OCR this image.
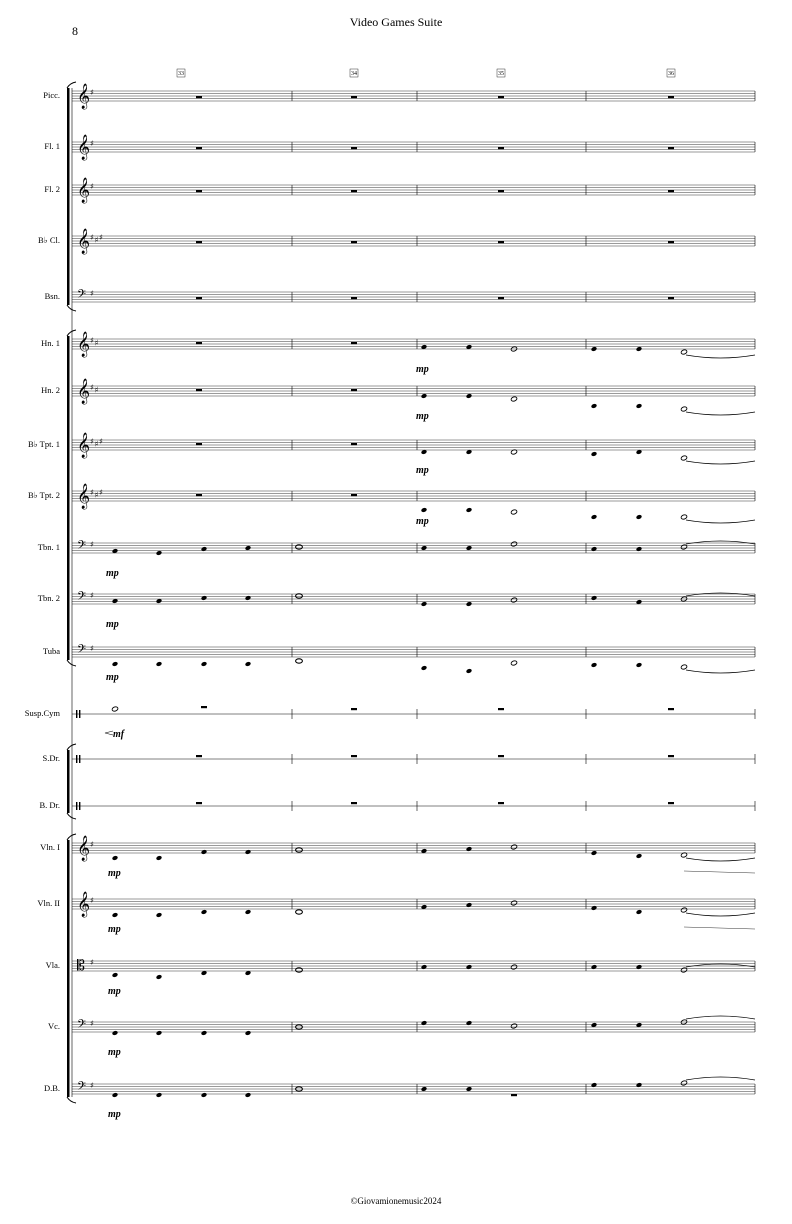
8
Video Games Suite
Picc. 𝄞 ♯
Fl. 1 𝄞 ♯
Fl. 2 𝄞 ♯
B♭ Cl. 𝄞 ♯ ♯ ♯
Bsn. 𝄢 ♯
Hn. 1 𝄞 ♯ ♯
Hn. 2 𝄞 ♯ ♯
B♭ Tpt. 1 𝄞 ♯ ♯ ♯
B♭ Tpt. 2 𝄞 ♯ ♯ ♯
Tbn. 1 𝄢 ♯
Tbn. 2 𝄢 ♯
Tuba 𝄢 ♯
Susp.Cym
S.Dr.
B. Dr.
Vln. I 𝄞 ♯
Vln. II 𝄞 ♯
Vla. 𝄡 ♯
Vc. 𝄢 ♯
D.B. 𝄢 ♯
33	34	35	36
mp
mp
mp
mp
mp
mp
mp
mf
mp
mp
mp
mp
mp
©Giovamionemusic2024
